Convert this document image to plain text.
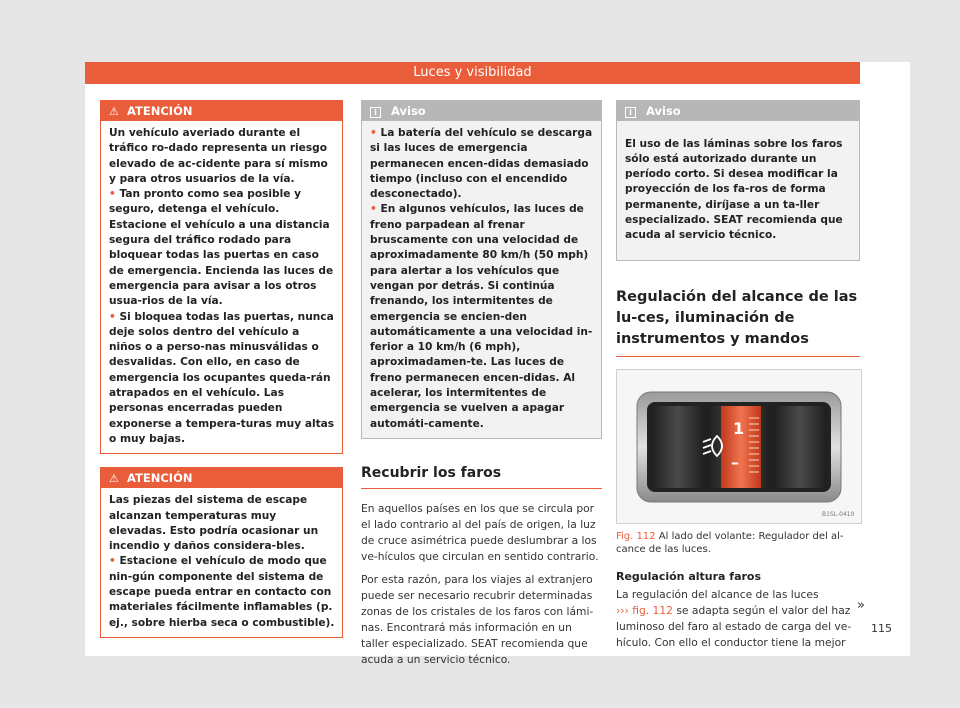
Luces y visibilidad
⚠ ATENCIÓN

Un vehículo averiado durante el tráfico ro-dado representa un riesgo elevado de ac-cidente para sí mismo y para otros usuarios de la vía.

• Tan pronto como sea posible y seguro, detenga el vehículo. Estacione el vehículo a una distancia segura del tráfico rodado para bloquear todas las puertas en caso de emergencia. Encienda las luces de emergencia para avisar a los otros usua-rios de la vía.

• Si bloquea todas las puertas, nunca deje solos dentro del vehículo a niños o a perso-nas minusválidas o desvalidas. Con ello, en caso de emergencia los ocupantes queda-rán atrapados en el vehículo. Las personas encerradas pueden exponerse a tempera-turas muy altas o muy bajas.

⚠ ATENCIÓN

Las piezas del sistema de escape alcanzan temperaturas muy elevadas. Esto podría ocasionar un incendio y daños considera-bles.

• Estacione el vehículo de modo que nin-gún componente del sistema de escape pueda entrar en contacto con materiales fácilmente inflamables (p. ej., sobre hierba seca o combustible).

i Aviso

• La batería del vehículo se descarga si las luces de emergencia permanecen encen-didas demasiado tiempo (incluso con el encendido desconectado).

• En algunos vehículos, las luces de freno parpadean al frenar bruscamente con una velocidad de aproximadamente 80 km/h (50 mph) para alertar a los vehículos que vengan por detrás. Si continúa frenando, los intermitentes de emergencia se encien-den automáticamente a una velocidad in-ferior a 10 km/h (6 mph), aproximadamen-te. Las luces de freno permanecen encen-didas. Al acelerar, los intermitentes de emergencia se vuelven a apagar automáti-camente.

Recubrir los faros

En aquellos países en los que se circula por el lado contrario al del país de origen, la luz de cruce asimétrica puede deslumbrar a los ve-hículos que circulan en sentido contrario.

Por esta razón, para los viajes al extranjero puede ser necesario recubrir determinadas zonas de los cristales de los faros con lámi-nas. Encontrará más información en un taller especializado. SEAT recomienda que acuda a un servicio técnico.

i Aviso

El uso de las láminas sobre los faros sólo está autorizado durante un período corto. Si desea modificar la proyección de los fa-ros de forma permanente, diríjase a un ta-ller especializado. SEAT recomienda que acuda al servicio técnico.

Regulación del alcance de las lu-ces, iluminación de instrumentos y mandos
1
–
B1SL-0410
Fig. 112 Al lado del volante: Regulador del al-cance de las luces.
Regulación altura faros

La regulación del alcance de las luces
››› fig. 112 se adapta según el valor del haz luminoso del faro al estado de carga del ve-hículo. Con ello el conductor tiene la mejor

»
115
